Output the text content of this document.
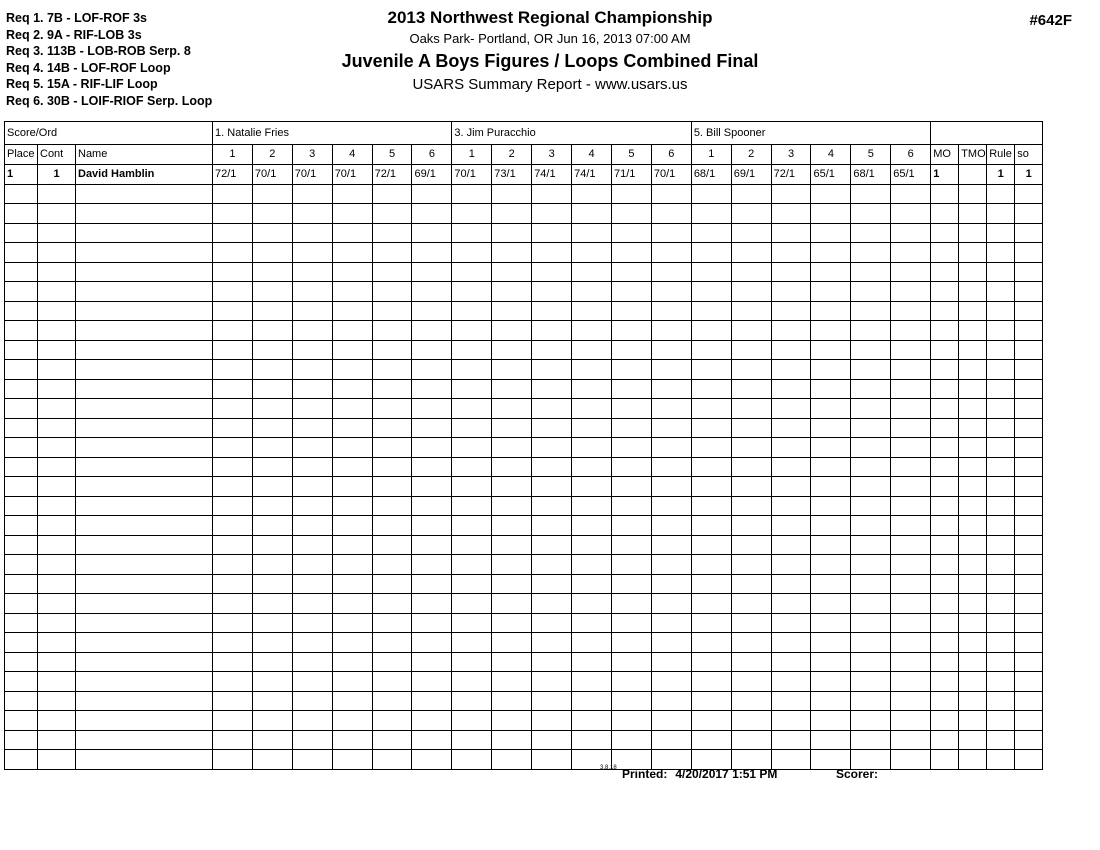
Req 1. 7B - LOF-ROF 3s
Req 2. 9A - RIF-LOB 3s
Req 3. 113B - LOB-ROB Serp. 8
Req 4. 14B - LOF-ROF Loop
Req 5. 15A - RIF-LIF Loop
Req 6. 30B - LOIF-RIOF Serp. Loop
2013 Northwest Regional Championship
Oaks Park- Portland, OR Jun 16, 2013 07:00 AM
Juvenile A Boys Figures / Loops Combined Final
USARS Summary Report - www.usars.us
#642F
Score/Ord			1. Natalie Fries						3. Jim Puracchio						5. Bill Spooner									
Place	Cont	Name	1	2	3	4	5	6	1	2	3	4	5	6	1	2	3	4	5	6	MO	TMO	Rule	so
1	1	David Hamblin	72/1	70/1	70/1	70/1	72/1	69/1	70/1	73/1	74/1	74/1	71/1	70/1	68/1	69/1	72/1	65/1	68/1	65/1	1		1	1

3.8.18 Printed: 4/20/2017 1:51 PM	Scorer:
